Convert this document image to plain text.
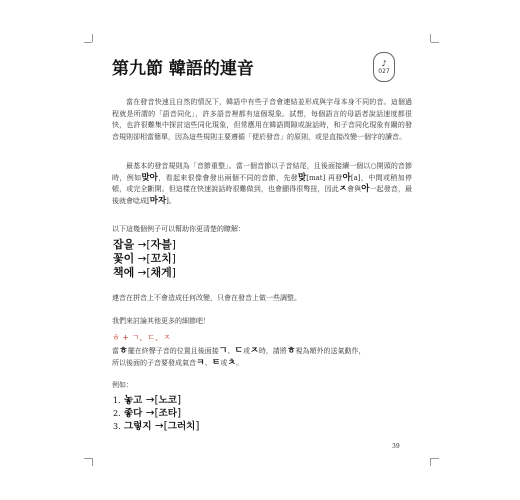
第九節 韓語的連音	♪
027
當在發音快速且自然的情況下，韓語中有些子音會連結並形成與字母本身不同的音。這個過程就是所謂的「語音同化」，許多語音裡都有這個現象。試想，每個語言的母語者說話速度都很快，也許很難集中探討這些同化現象，但常應用在韓語間隙或說話時，和子音同化現象有關的發音規則卻相當簡單，因為這些規則主要遵循「便於發音」的原則，或是直接改變一個字的讀音。
最基本的發音規則為「音節重整」。當一個音節以子音結尾，且後面接續一個以○開頭的音節時，例如맞아，看起來很像會發出兩個不同的音節，先發맞[mat] 再發아[a]，中間或稍加停頓，或完全斷開。但這樣在快速說話時很難做到，也會顯得很彆扭，因此ㅈ會與아一起發音，最後就會唸成[마자]。
以下這幾個例子可以幫助你更清楚的瞭解：
잡을 →[자블]
꽃이 →[꼬치]
책에 →[채게]
連音在拼音上不會造成任何改變，只會在發音上做一些調整。
我們來討論其他更多的細節吧！
ㅎ + ㄱ、ㄷ、ㅈ
當ㅎ擺在終聲子音的位置且後面接ㄱ、ㄷ或ㅈ時，請將ㅎ視為額外的送氣動作，
所以後面的子音要發成氣音ㅋ、ㅌ或ㅊ。
例如：
1. 놓고 →[노코]
2. 좋다 →[조타]
3. 그렇지 →[그러치]
39
